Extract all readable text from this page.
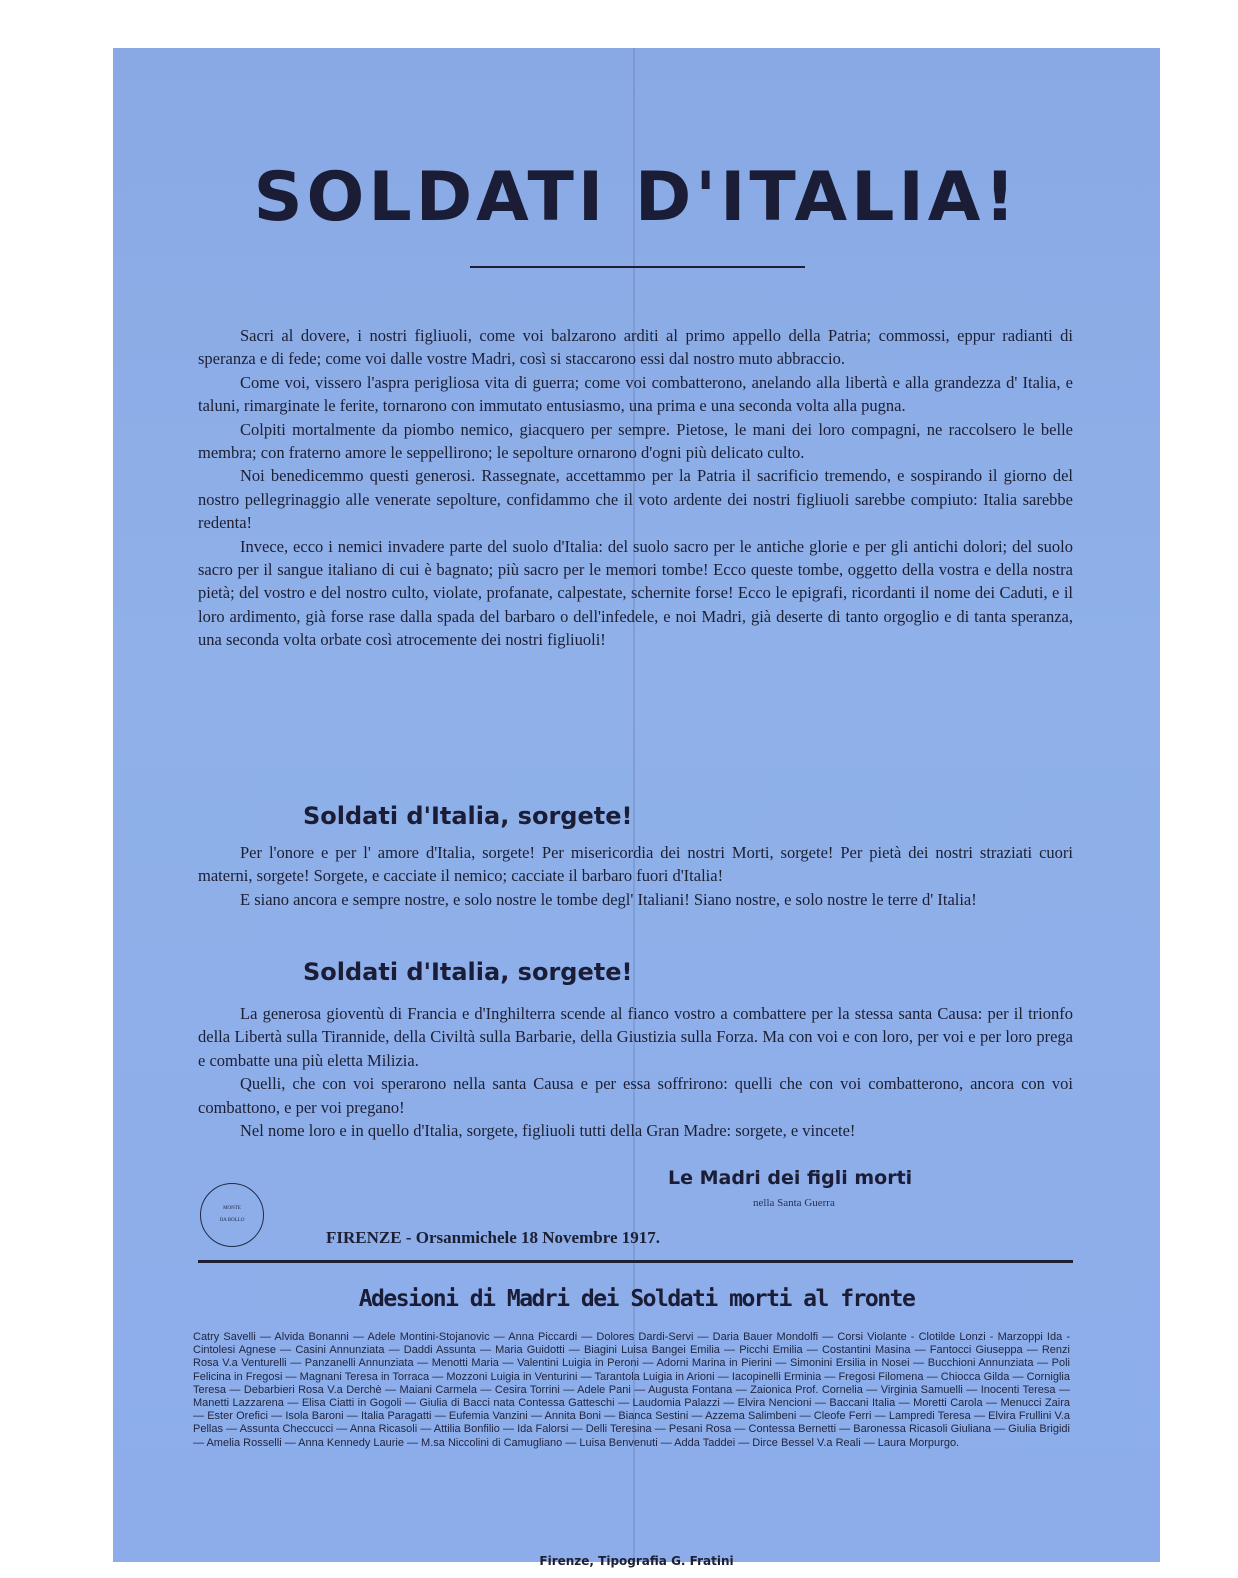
SOLDATI D'ITALIA!

Sacri al dovere, i nostri figliuoli, come voi balzarono arditi al primo appello della Patria; commossi, eppur radianti di speranza e di fede; come voi dalle vostre Madri, così si staccarono essi dal nostro muto abbraccio.

Come voi, vissero l'aspra perigliosa vita di guerra; come voi combatterono, anelando alla libertà e alla grandezza d' Italia, e taluni, rimarginate le ferite, tornarono con immutato entusiasmo, una prima e una seconda volta alla pugna.

Colpiti mortalmente da piombo nemico, giacquero per sempre. Pietose, le mani dei loro compagni, ne raccolsero le belle membra; con fraterno amore le seppellirono; le sepolture ornarono d'ogni più delicato culto.

Noi benedicemmo questi generosi. Rassegnate, accettammo per la Patria il sacrificio tremendo, e sospirando il giorno del nostro pellegrinaggio alle venerate sepolture, confidammo che il voto ardente dei nostri figliuoli sarebbe compiuto: Italia sarebbe redenta!

Invece, ecco i nemici invadere parte del suolo d'Italia: del suolo sacro per le antiche glorie e per gli antichi dolori; del suolo sacro per il sangue italiano di cui è bagnato; più sacro per le memori tombe! Ecco queste tombe, oggetto della vostra e della nostra pietà; del vostro e del nostro culto, violate, profanate, calpestate, schernite forse! Ecco le epigrafi, ricordanti il nome dei Caduti, e il loro ardimento, già forse rase dalla spada del barbaro o dell'infedele, e noi Madri, già deserte di tanto orgoglio e di tanta speranza, una seconda volta orbate così atrocemente dei nostri figliuoli!

Soldati d'Italia, sorgete!

Per l'onore e per l' amore d'Italia, sorgete! Per misericordia dei nostri Morti, sorgete! Per pietà dei nostri straziati cuori materni, sorgete! Sorgete, e cacciate il nemico; cacciate il barbaro fuori d'Italia!

E siano ancora e sempre nostre, e solo nostre le tombe degl' Italiani! Siano nostre, e solo nostre le terre d' Italia!

Soldati d'Italia, sorgete!

La generosa gioventù di Francia e d'Inghilterra scende al fianco vostro a combattere per la stessa santa Causa: per il trionfo della Libertà sulla Tirannide, della Civiltà sulla Barbarie, della Giustizia sulla Forza. Ma con voi e con loro, per voi e per loro prega e combatte una più eletta Milizia.

Quelli, che con voi sperarono nella santa Causa e per essa soffrirono: quelli che con voi combatterono, ancora con voi combattono, e per voi pregano!

Nel nome loro e in quello d'Italia, sorgete, figliuoli tutti della Gran Madre: sorgete, e vincete!

Le Madri dei figli morti
nella Santa Guerra
MONTE
DA BOLLO
FIRENZE - Orsanmichele 18 Novembre 1917.
Adesioni di Madri dei Soldati morti al fronte

Catry Savelli — Alvida Bonanni — Adele Montini-Stojanovic — Anna Piccardi — Dolores Dardi-Servi — Daria Bauer Mondolfi — Corsi Violante - Clotilde Lonzi - Marzoppi Ida - Cintolesi Agnese — Casini Annunziata — Daddi Assunta — Maria Guidotti — Biagini Luisa Bangei Emilia — Picchi Emilia — Costantini Masina — Fantocci Giuseppa — Renzi Rosa V.a Venturelli — Panzanelli Annunziata — Menotti Maria — Valentini Luigia in Peroni — Adorni Marina in Pierini — Simonini Ersilia in Nosei — Bucchioni Annunziata — Poli Felicina in Fregosi — Magnani Teresa in Torraca — Mozzoni Luigia in Venturini — Tarantola Luigia in Arioni — Iacopinelli Erminia — Fregosi Filomena — Chiocca Gilda — Corniglia Teresa — Debarbieri Rosa V.a Derchè — Maiani Carmela — Cesira Torrini — Adele Pani — Augusta Fontana — Zaionica Prof. Cornelia — Virginia Samuelli — Inocenti Teresa — Manetti Lazzarena — Elisa Ciatti in Gogoli — Giulia di Bacci nata Contessa Gatteschi — Laudomia Palazzi — Elvira Nencioni — Baccani Italia — Moretti Carola — Menucci Zaira — Ester Orefici — Isola Baroni — Italia Paragatti — Eufemia Vanzini — Annita Boni — Bianca Sestini — Azzema Salimbeni — Cleofe Ferri — Lampredi Teresa — Elvira Frullini V.a Pellas — Assunta Checcucci — Anna Ricasoli — Attilia Bonfilio — Ida Falorsi — Delli Teresina — Pesani Rosa — Contessa Bernetti — Baronessa Ricasoli Giuliana — Giulia Brigidi — Amelia Rosselli — Anna Kennedy Laurie — M.sa Niccolini di Camugliano — Luisa Benvenuti — Adda Taddei — Dirce Bessel V.a Reali — Laura Morpurgo.

Firenze, Tipografia G. Fratini
